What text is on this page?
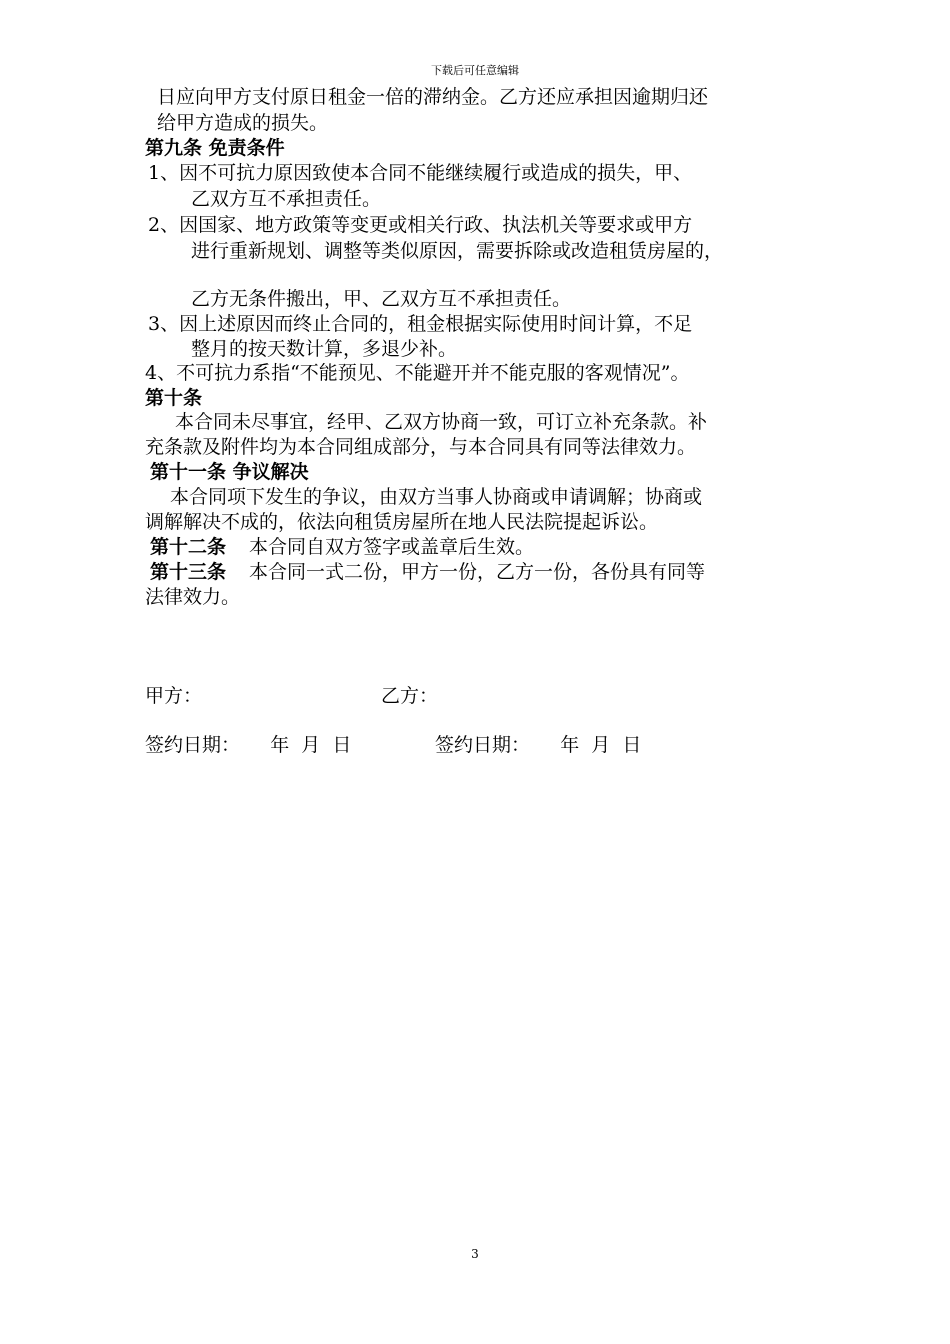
下载后可任意编辑
日应向甲方支付原日租金一倍的滞纳金。乙方还应承担因逾期归还
给甲方造成的损失。
第九条 免责条件
1、因不可抗力原因致使本合同不能继续履行或造成的损失，甲、
乙双方互不承担责任。
2、因国家、地方政策等变更或相关行政、执法机关等要求或甲方
进行重新规划、调整等类似原因，需要拆除或改造租赁房屋的，
乙方无条件搬出，甲、乙双方互不承担责任。
3、因上述原因而终止合同的，租金根据实际使用时间计算，不足
整月的按天数计算，多退少补。
4、不可抗力系指“不能预见、不能避开并不能克服的客观情况”。
第十条
本合同未尽事宜，经甲、乙双方协商一致，可订立补充条款。补
充条款及附件均为本合同组成部分，与本合同具有同等法律效力。
第十一条 争议解决
本合同项下发生的争议，由双方当事人协商或申请调解；协商或
调解解决不成的，依法向租赁房屋所在地人民法院提起诉讼。
第十二条 本合同自双方签字或盖章后生效。
第十三条 本合同一式二份，甲方一份，乙方一份，各份具有同等
法律效力。
甲方：	乙方：
签约日期：     年  月  日	签约日期：     年  月  日
3
